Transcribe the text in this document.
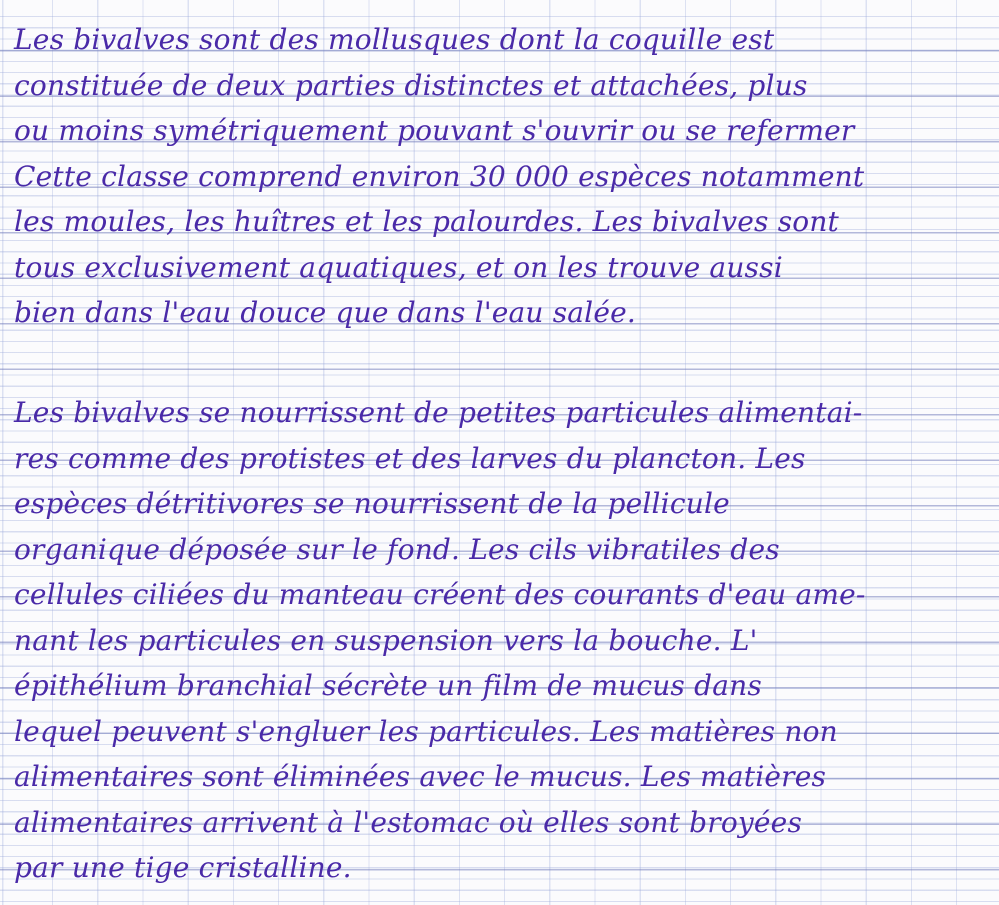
Les bivalves sont des mollusques dont la coquille est
constituée de deux parties distinctes et attachées, plus
ou moins symétriquement pouvant s'ouvrir ou se refermer
Cette classe comprend environ 30 000 espèces notamment
les moules, les huîtres et les palourdes. Les bivalves sont
tous exclusivement aquatiques, et on les trouve aussi
bien dans l'eau douce que dans l'eau salée.
Les bivalves se nourrissent de petites particules alimentai-
res comme des protistes et des larves du plancton. Les
espèces détritivores se nourrissent de la pellicule
organique déposée sur le fond. Les cils vibratiles des
cellules ciliées du manteau créent des courants d'eau ame-
nant les particules en suspension vers la bouche. L'
épithélium branchial sécrète un film de mucus dans
lequel peuvent s'engluer les particules. Les matières non
alimentaires sont éliminées avec le mucus. Les matières
alimentaires arrivent à l'estomac où elles sont broyées
par une tige cristalline.
